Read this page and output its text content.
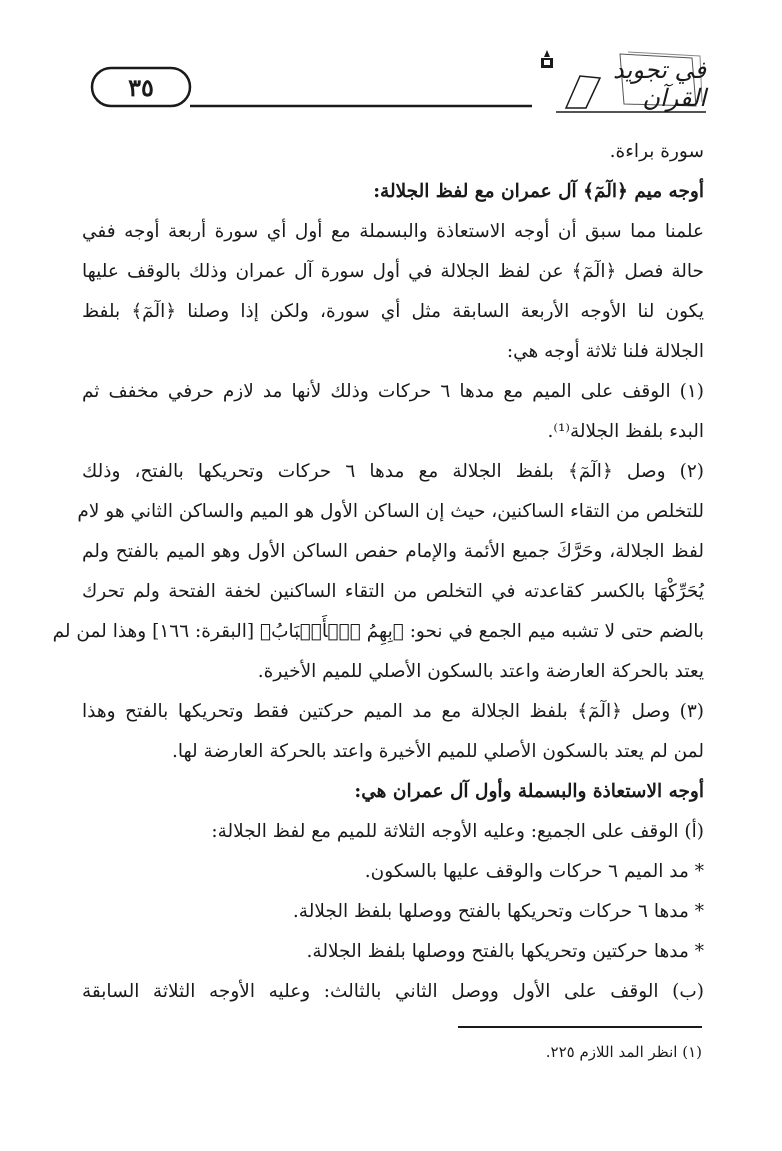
٣٥
في تجويد القرآن
سورة براءة.
أوجه ميم ﴿الٓمٓ﴾ آل عمران مع لفظ الجلالة:
علمنا مما سبق أن أوجه الاستعاذة والبسملة مع أول أي سورة أربعة أوجه ففي
حالة فصل ﴿الٓمٓ﴾ عن لفظ الجلالة في أول سورة آل عمران وذلك بالوقف عليها
يكون لنا الأوجه الأربعة السابقة مثل أي سورة، ولكن إذا وصلنا ﴿الٓمٓ﴾ بلفظ
الجلالة فلنا ثلاثة أوجه هي:
(١) الوقف على الميم مع مدها ٦ حركات وذلك لأنها مد لازم حرفي مخفف ثم
البدء بلفظ الجلالة⁽¹⁾.
(٢) وصل ﴿الٓمٓ﴾ بلفظ الجلالة مع مدها ٦ حركات وتحريكها بالفتح، وذلك
للتخلص من التقاء الساكنين، حيث إن الساكن الأول هو الميم والساكن الثاني هو لام
لفظ الجلالة، وحَرَّكَ جميع الأئمة والإمام حفص الساكن الأول وهو الميم بالفتح ولم
يُحَرِّكْهَا بالكسر كقاعدته في التخلص من التقاء الساكنين لخفة الفتحة ولم تحرك
بالضم حتى لا تشبه ميم الجمع في نحو: ﴿بِهِمُ ٱلۡأَسۡبَابُ﴾ [البقرة: ١٦٦] وهذا لمن لم
يعتد بالحركة العارضة واعتد بالسكون الأصلي للميم الأخيرة.
(٣) وصل ﴿الٓمٓ﴾ بلفظ الجلالة مع مد الميم حركتين فقط وتحريكها بالفتح وهذا
لمن لم يعتد بالسكون الأصلي للميم الأخيرة واعتد بالحركة العارضة لها.
أوجه الاستعاذة والبسملة وأول آل عمران هي:
(أ) الوقف على الجميع: وعليه الأوجه الثلاثة للميم مع لفظ الجلالة:
* مد الميم ٦ حركات والوقف عليها بالسكون.
* مدها ٦ حركات وتحريكها بالفتح ووصلها بلفظ الجلالة.
* مدها حركتين وتحريكها بالفتح ووصلها بلفظ الجلالة.
(ب) الوقف على الأول ووصل الثاني بالثالث: وعليه الأوجه الثلاثة السابقة
(١) انظر المد اللازم ٢٢٥.
